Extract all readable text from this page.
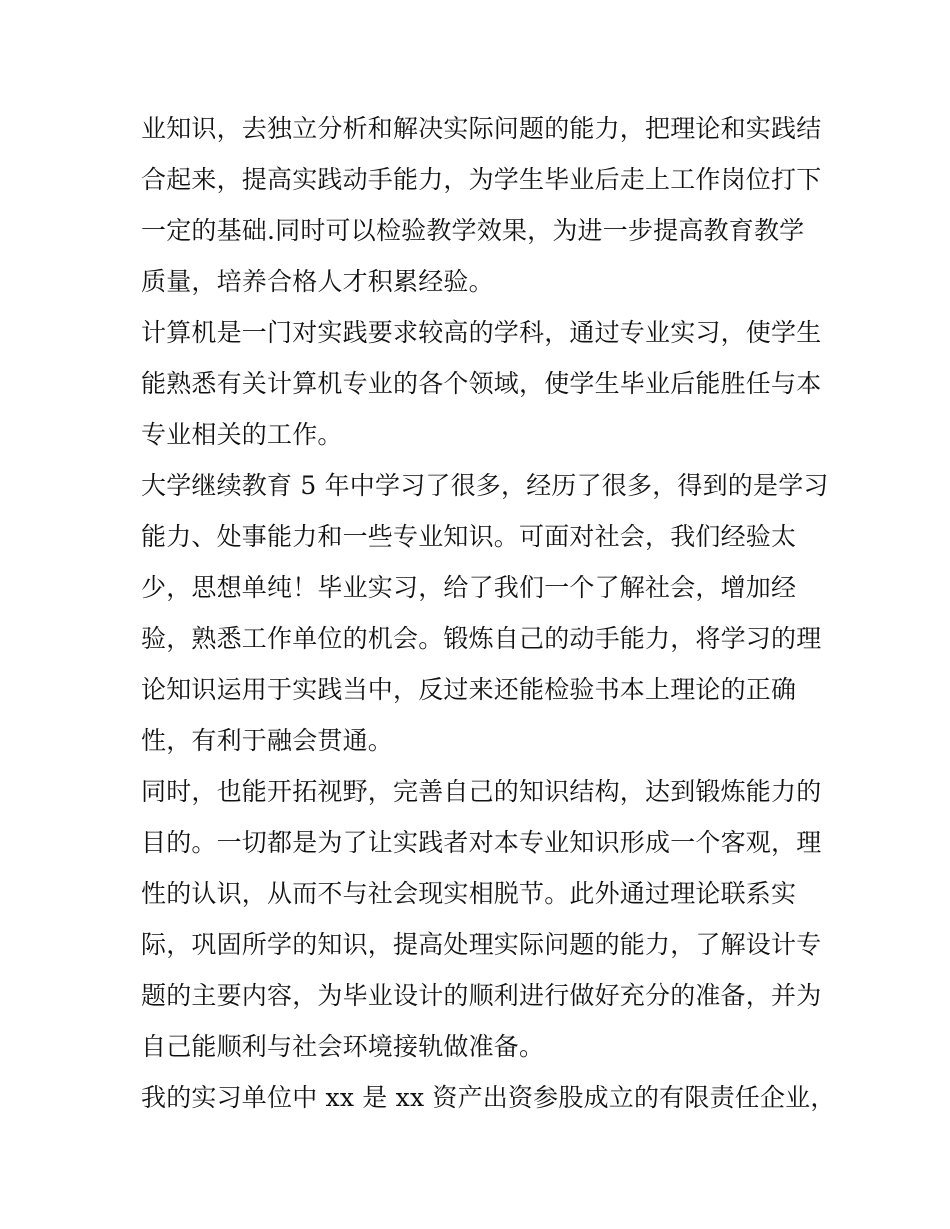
业知识，去独立分析和解决实际问题的能力，把理论和实践结
合起来，提高实践动手能力，为学生毕业后走上工作岗位打下
一定的基础.同时可以检验教学效果，为进一步提高教育教学
质量，培养合格人才积累经验。
计算机是一门对实践要求较高的学科，通过专业实习，使学生
能熟悉有关计算机专业的各个领域，使学生毕业后能胜任与本
专业相关的工作。
大学继续教育 5 年中学习了很多，经历了很多，得到的是学习
能力、处事能力和一些专业知识。可面对社会，我们经验太
少，思想单纯！毕业实习，给了我们一个了解社会，增加经
验，熟悉工作单位的机会。锻炼自己的动手能力，将学习的理
论知识运用于实践当中，反过来还能检验书本上理论的正确
性，有利于融会贯通。
同时，也能开拓视野，完善自己的知识结构，达到锻炼能力的
目的。一切都是为了让实践者对本专业知识形成一个客观，理
性的认识，从而不与社会现实相脱节。此外通过理论联系实
际，巩固所学的知识，提高处理实际问题的能力，了解设计专
题的主要内容，为毕业设计的顺利进行做好充分的准备，并为
自己能顺利与社会环境接轨做准备。
我的实习单位中 xx 是 xx 资产出资参股成立的有限责任企业，
